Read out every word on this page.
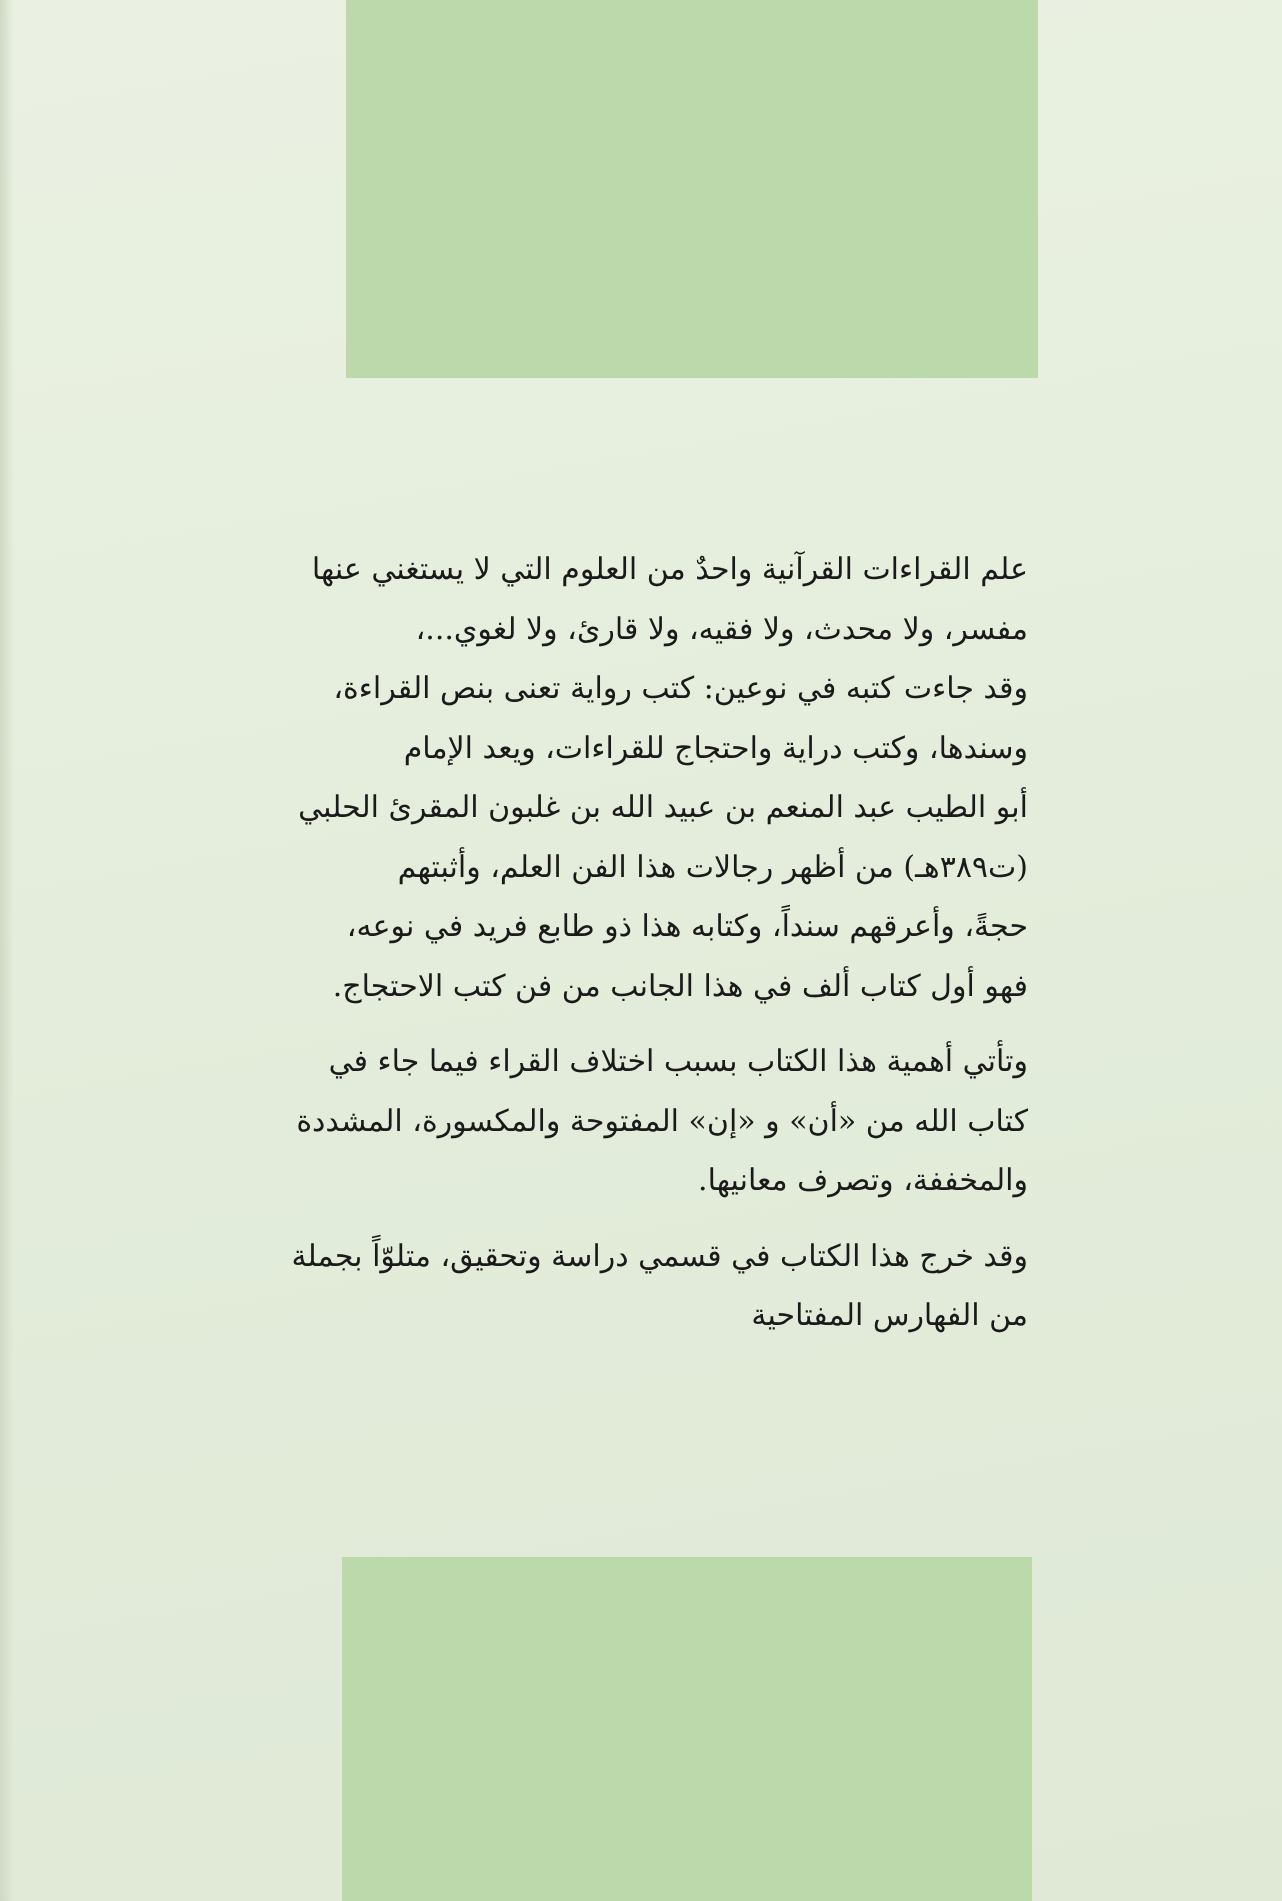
علم القراءات القرآنية واحدٌ من العلوم التي لا يستغني عنها
مفسر، ولا محدث، ولا فقيه، ولا قارئ، ولا لغوي...،
وقد جاءت كتبه في نوعين: كتب رواية تعنى بنص القراءة،
وسندها، وكتب دراية واحتجاج للقراءات، ويعد الإمام
أبو الطيب عبد المنعم بن عبيد الله بن غلبون المقرئ الحلبي
(ت٣٨٩هـ) من أظهر رجالات هذا الفن العلم، وأثبتهم
حجةً، وأعرقهم سنداً، وكتابه هذا ذو طابع فريد في نوعه،
فهو أول كتاب ألف في هذا الجانب من فن كتب الاحتجاج.

وتأتي أهمية هذا الكتاب بسبب اختلاف القراء فيما جاء في
كتاب الله من «أن» و «إن» المفتوحة والمكسورة، المشددة
والمخففة، وتصرف معانيها.

وقد خرج هذا الكتاب في قسمي دراسة وتحقيق، متلوّاً بجملة
من الفهارس المفتاحية
